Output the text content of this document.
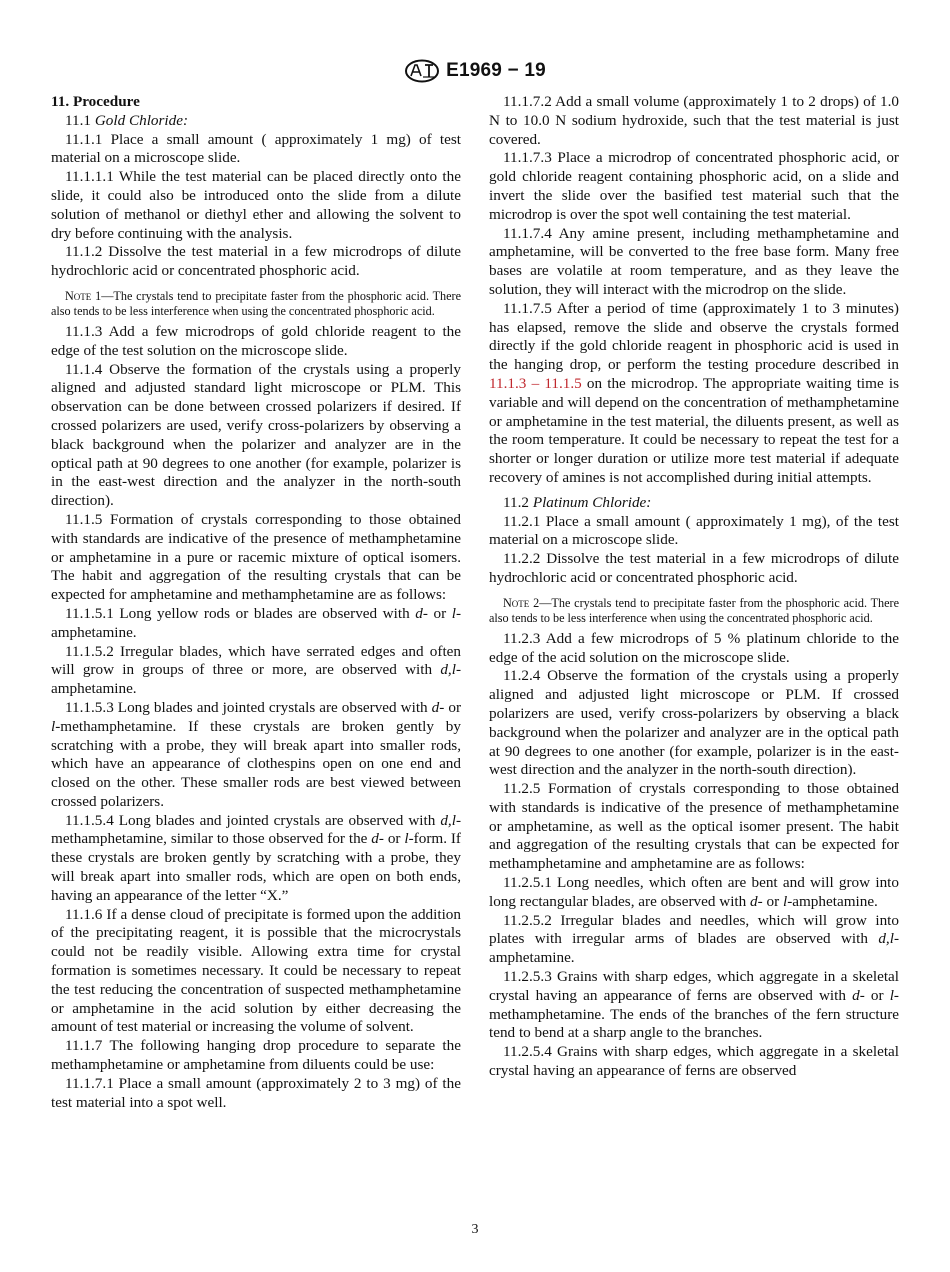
E1969 − 19
11. Procedure

11.1 Gold Chloride:

11.1.1 Place a small amount ( approximately 1 mg) of test material on a microscope slide.

11.1.1.1 While the test material can be placed directly onto the slide, it could also be introduced onto the slide from a dilute solution of methanol or diethyl ether and allowing the solvent to dry before continuing with the analysis.

11.1.2 Dissolve the test material in a few microdrops of dilute hydrochloric acid or concentrated phosphoric acid.

Note 1—The crystals tend to precipitate faster from the phosphoric acid. There also tends to be less interference when using the concentrated phosphoric acid.

11.1.3 Add a few microdrops of gold chloride reagent to the edge of the test solution on the microscope slide.

11.1.4 Observe the formation of the crystals using a properly aligned and adjusted standard light microscope or PLM. This observation can be done between crossed polarizers if desired. If crossed polarizers are used, verify cross-polarizers by observing a black background when the polarizer and analyzer are in the optical path at 90 degrees to one another (for example, polarizer is in the east-west direction and the analyzer in the north-south direction).

11.1.5 Formation of crystals corresponding to those obtained with standards are indicative of the presence of methamphetamine or amphetamine in a pure or racemic mixture of optical isomers. The habit and aggregation of the resulting crystals that can be expected for amphetamine and methamphetamine are as follows:

11.1.5.1 Long yellow rods or blades are observed with d- or l-amphetamine.

11.1.5.2 Irregular blades, which have serrated edges and often will grow in groups of three or more, are observed with d,l-amphetamine.

11.1.5.3 Long blades and jointed crystals are observed with d- or l-methamphetamine. If these crystals are broken gently by scratching with a probe, they will break apart into smaller rods, which have an appearance of clothespins open on one end and closed on the other. These smaller rods are best viewed between crossed polarizers.

11.1.5.4 Long blades and jointed crystals are observed with d,l-methamphetamine, similar to those observed for the d- or l-form. If these crystals are broken gently by scratching with a probe, they will break apart into smaller rods, which are open on both ends, having an appearance of the letter “X.”

11.1.6 If a dense cloud of precipitate is formed upon the addition of the precipitating reagent, it is possible that the microcrystals could not be readily visible. Allowing extra time for crystal formation is sometimes necessary. It could be necessary to repeat the test reducing the concentration of suspected methamphetamine or amphetamine in the acid solution by either decreasing the amount of test material or increasing the volume of solvent.

11.1.7 The following hanging drop procedure to separate the methamphetamine or amphetamine from diluents could be use:

11.1.7.1 Place a small amount (approximately 2 to 3 mg) of the test material into a spot well.

11.1.7.2 Add a small volume (approximately 1 to 2 drops) of 1.0 N to 10.0 N sodium hydroxide, such that the test material is just covered.

11.1.7.3 Place a microdrop of concentrated phosphoric acid, or gold chloride reagent containing phosphoric acid, on a slide and invert the slide over the basified test material such that the microdrop is over the spot well containing the test material.

11.1.7.4 Any amine present, including methamphetamine and amphetamine, will be converted to the free base form. Many free bases are volatile at room temperature, and as they leave the solution, they will interact with the microdrop on the slide.

11.1.7.5 After a period of time (approximately 1 to 3 minutes) has elapsed, remove the slide and observe the crystals formed directly if the gold chloride reagent in phosphoric acid is used in the hanging drop, or perform the testing procedure described in 11.1.3 – 11.1.5 on the microdrop. The appropriate waiting time is variable and will depend on the concentration of methamphetamine or amphetamine in the test material, the diluents present, as well as the room temperature. It could be necessary to repeat the test for a shorter or longer duration or utilize more test material if adequate recovery of amines is not accomplished during initial attempts.

11.2 Platinum Chloride:

11.2.1 Place a small amount ( approximately 1 mg), of the test material on a microscope slide.

11.2.2 Dissolve the test material in a few microdrops of dilute hydrochloric acid or concentrated phosphoric acid.

Note 2—The crystals tend to precipitate faster from the phosphoric acid. There also tends to be less interference when using the concentrated phosphoric acid.

11.2.3 Add a few microdrops of 5 % platinum chloride to the edge of the acid solution on the microscope slide.

11.2.4 Observe the formation of the crystals using a properly aligned and adjusted light microscope or PLM. If crossed polarizers are used, verify cross-polarizers by observing a black background when the polarizer and analyzer are in the optical path at 90 degrees to one another (for example, polarizer is in the east-west direction and the analyzer in the north-south direction).

11.2.5 Formation of crystals corresponding to those obtained with standards is indicative of the presence of methamphetamine or amphetamine, as well as the optical isomer present. The habit and aggregation of the resulting crystals that can be expected for methamphetamine and amphetamine are as follows:

11.2.5.1 Long needles, which often are bent and will grow into long rectangular blades, are observed with d- or l-amphetamine.

11.2.5.2 Irregular blades and needles, which will grow into plates with irregular arms of blades are observed with d,l-amphetamine.

11.2.5.3 Grains with sharp edges, which aggregate in a skeletal crystal having an appearance of ferns are observed with d- or l-methamphetamine. The ends of the branches of the fern structure tend to bend at a sharp angle to the branches.

11.2.5.4 Grains with sharp edges, which aggregate in a skeletal crystal having an appearance of ferns are observed

3
